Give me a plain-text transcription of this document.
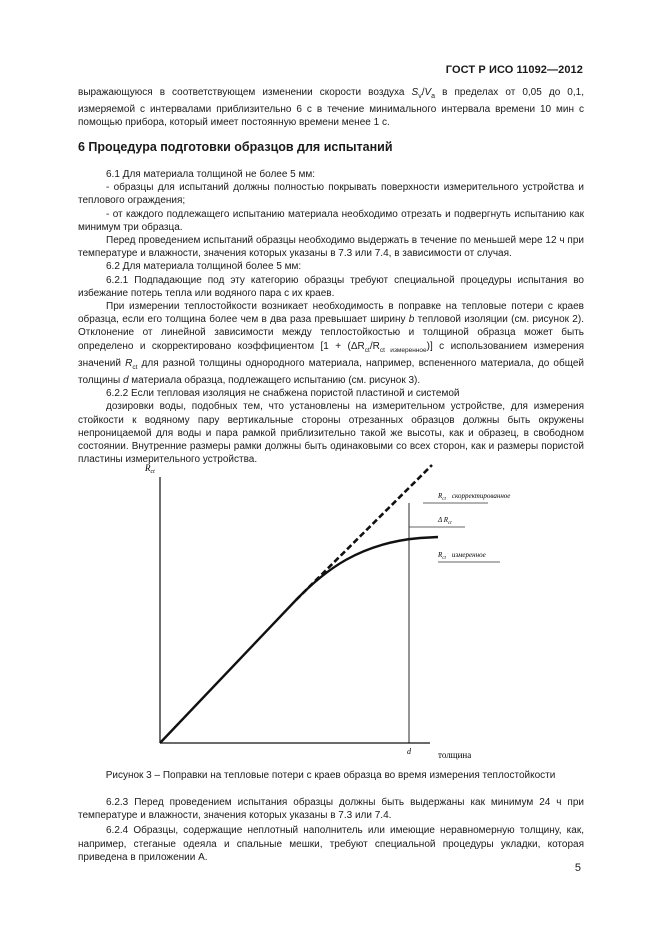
ГОСТ Р ИСО 11092—2012

выражающуюся в соответствующем изменении скорости воздуха $S_v/V_a$ в пределах от 0,05 до 0,1, измеряемой с интервалами приблизительно 6 с в течение минимального интервала времени 10 мин с помощью прибора, который имеет постоянную времени менее 1 с.

6 Процедура подготовки образцов для испытаний

6.1 Для материала толщиной не более 5 мм:

- образцы для испытаний должны полностью покрывать поверхности измерительного устройства и теплового ограждения;

- от каждого подлежащего испытанию материала необходимо отрезать и подвергнуть испытанию как минимум три образца.

Перед проведением испытаний образцы необходимо выдержать в течение по меньшей мере 12 ч при температуре и влажности, значения которых указаны в 7.3 или 7.4, в зависимости от случая.

6.2 Для материала толщиной более 5 мм:

6.2.1 Подпадающие под эту категорию образцы требуют специальной процедуры испытания во избежание потерь тепла или водяного пара с их краев.

При измерении теплостойкости возникает необходимость в поправке на тепловые потери с краев образца, если его толщина более чем в два раза превышает ширину b тепловой изоляции (см. рисунок 2). Отклонение от линейной зависимости между теплостойкостью и толщиной образца может быть определено и скорректировано коэффициентом $[1 + (\Delta R_{ct}/R_{ct измеренное})]$ с использованием измерения значений $R_{ct}$ для разной толщины однородного материала, например, вспененного материала, до общей толщины d материала образца, подлежащего испытанию (см. рисунок 3).

6.2.2 Если тепловая изоляция не снабжена пористой пластиной и системой

дозировки воды, подобных тем, что установлены на измерительном устройстве, для измерения стойкости к водяному пару вертикальные стороны отрезанных образцов должны быть окружены непроницаемой для воды и пара рамкой приблизительно такой же высоты, как и образец, в свободном состоянии. Внутренние размеры рамки должны быть одинаковыми со всех сторон, как и размеры пористой пластины измерительного устройства.

$R_{ct}$
толщина
d
$R_{ct}$ скорректированное
Δ $R_{ct}$
$R_{ct}$ измеренное
Рисунок 3 – Поправки на тепловые потери с краев образца во время измерения теплостойкости

6.2.3 Перед проведением испытания образцы должны быть выдержаны как минимум 24 ч при температуре и влажности, значения которых указаны в 7.3 или 7.4.

6.2.4 Образцы, содержащие неплотный наполнитель или имеющие неравномерную толщину, как, например, стеганые одеяла и спальные мешки, требуют специальной процедуры укладки, которая приведена в приложении А.

5
